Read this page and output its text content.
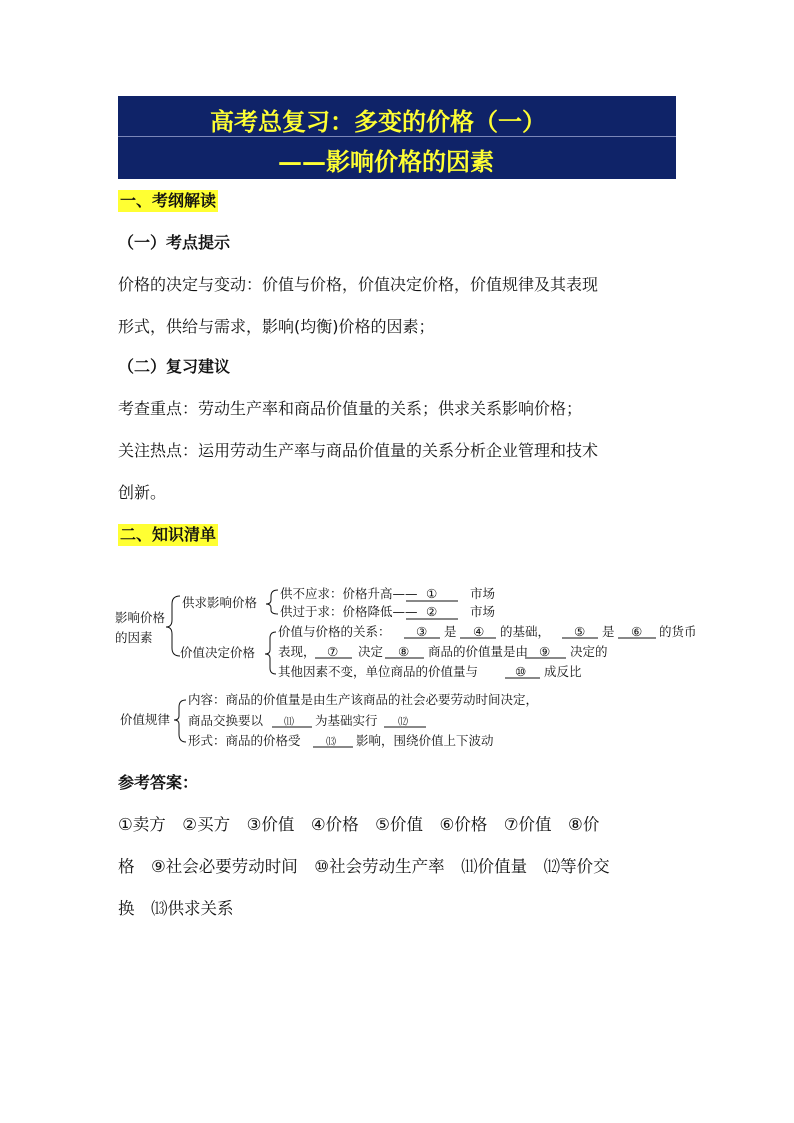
高考总复习：多变的价格（一）
——影响价格的因素
一、考纲解读
（一）考点提示
价格的决定与变动：价值与价格，价值决定价格，价值规律及其表现
形式，供给与需求，影响(均衡)价格的因素；
（二）复习建议
考查重点：劳动生产率和商品价值量的关系；供求关系影响价格；
关注热点：运用劳动生产率与商品价值量的关系分析企业管理和技术
创新。
二、知识清单
影响价格
的因素
供求影响价格
供不应求：价格升高—— ①	市场
供过于求：价格降低—— ②	市场
价值决定价格
价值与价格的关系： ③ 是 ④ 的基础， ⑤ 是 ⑥ 的货币
表现， ⑦ 决定 ⑧ 商品的价值量是由 ⑨ 决定的
其他因素不变，单位商品的价值量与	⑩ 成反比
价值规律
内容：商品的价值量是由生产该商品的社会必要劳动时间决定，
商品交换要以 ⑾ 为基础实行 ⑿
形式：商品的价格受	⒀ 影响，围绕价值上下波动
参考答案：
①卖方　②买方　③价值　④价格　⑤价值　⑥价格　⑦价值　⑧价
格　⑨社会必要劳动时间　⑩社会劳动生产率　⑾价值量　⑿等价交
换　⒀供求关系
